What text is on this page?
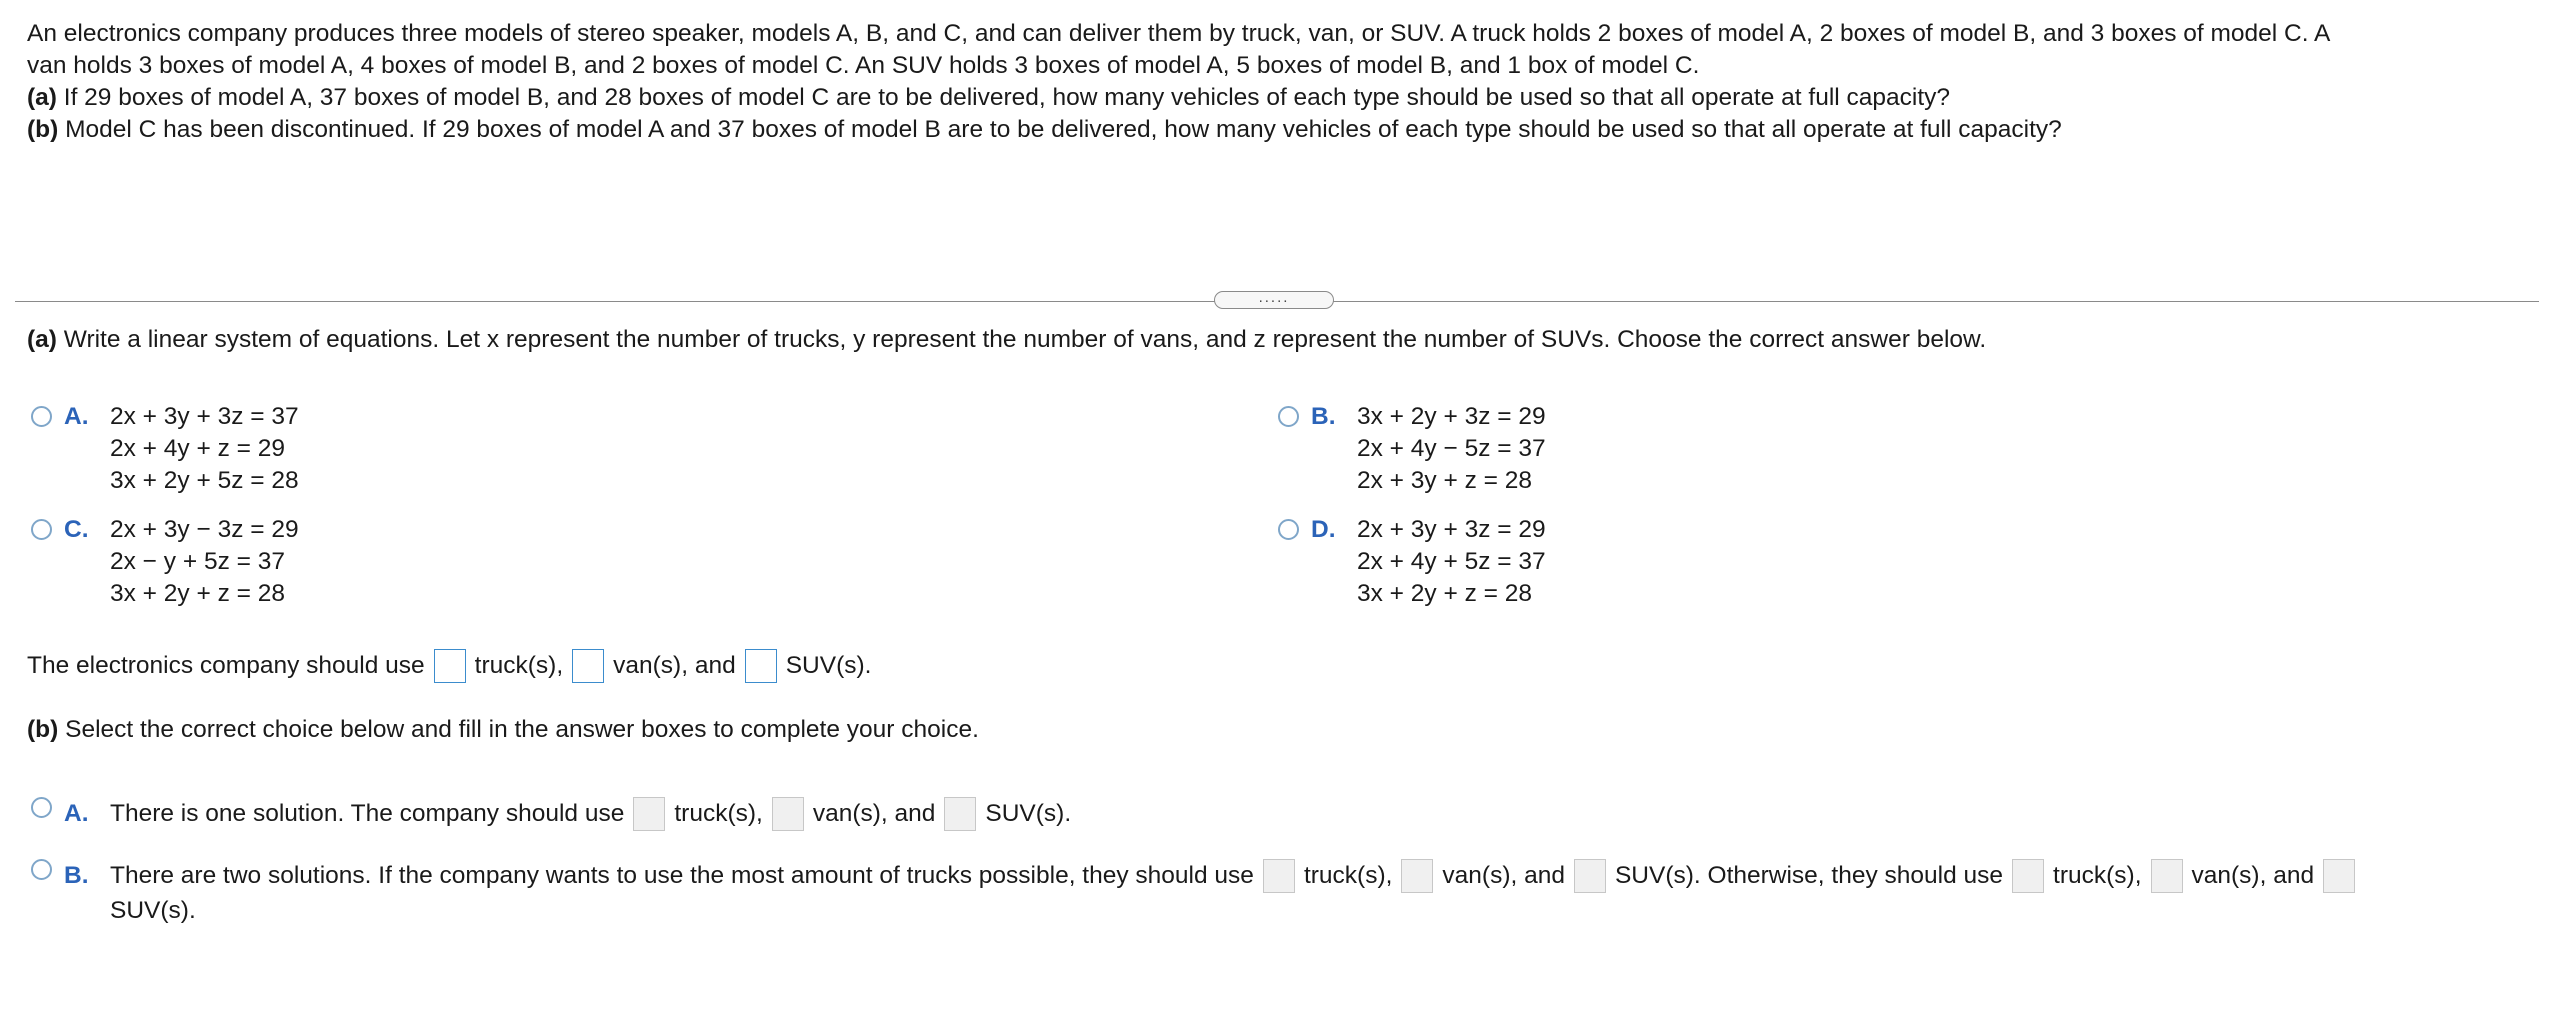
An electronics company produces three models of stereo speaker, models A, B, and C, and can deliver them by truck, van, or SUV. A truck holds 2 boxes of model A, 2 boxes of model B, and 3 boxes of model C. A

van holds 3 boxes of model A, 4 boxes of model B, and 2 boxes of model C. An SUV holds 3 boxes of model A, 5 boxes of model B, and 1 box of model C.

(a) If 29 boxes of model A, 37 boxes of model B, and 28 boxes of model C are to be delivered, how many vehicles of each type should be used so that all operate at full capacity?

(b) Model C has been discontinued. If 29 boxes of model A and 37 boxes of model B are to be delivered, how many vehicles of each type should be used so that all operate at full capacity?

.....
(a) Write a linear system of equations. Let x represent the number of trucks, y represent the number of vans, and z represent the number of SUVs. Choose the correct answer below.
A. 2x + 3y + 3z = 37
2x + 4y + z = 29
3x + 2y + 5z = 28
B. 3x + 2y + 3z = 29
2x + 4y − 5z = 37
2x + 3y + z = 28
C. 2x + 3y − 3z = 29
2x − y + 5z = 37
3x + 2y + z = 28
D. 2x + 3y + 3z = 29
2x + 4y + 5z = 37
3x + 2y + z = 28
The electronics company should use truck(s), van(s), and SUV(s).
(b) Select the correct choice below and fill in the answer boxes to complete your choice.
A. There is one solution. The company should use truck(s), van(s), and SUV(s).
B. There are two solutions. If the company wants to use the most amount of trucks possible, they should use truck(s), van(s), and SUV(s). Otherwise, they should use truck(s), van(s), and
SUV(s).
